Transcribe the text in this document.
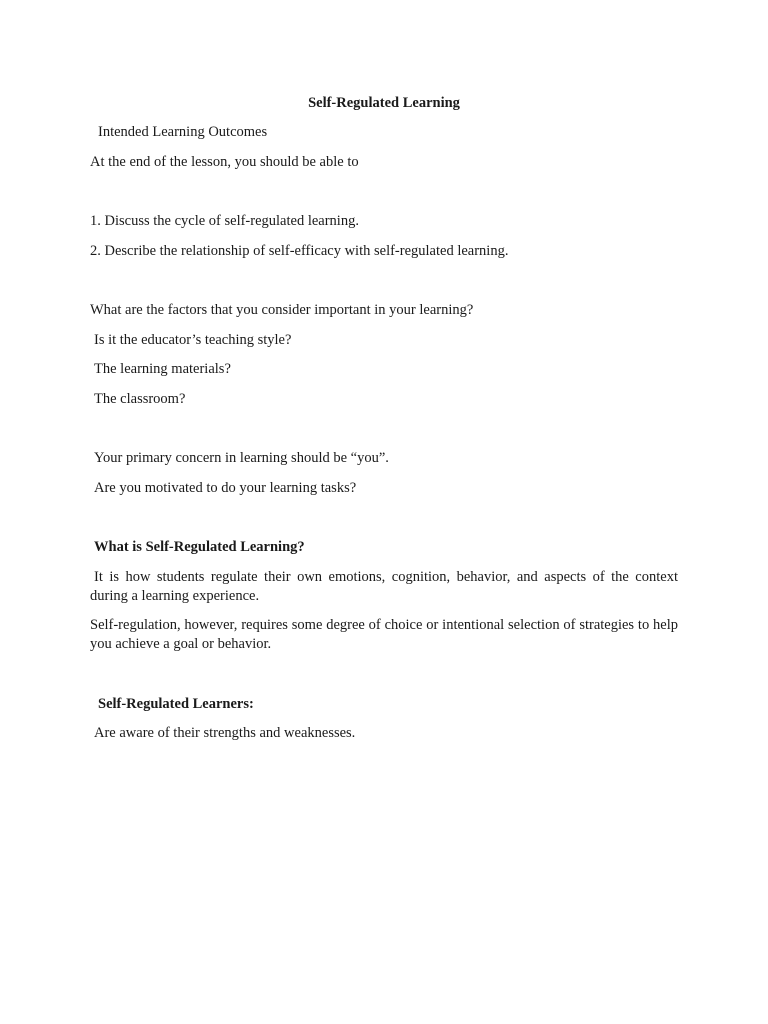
Self-Regulated Learning
Intended Learning Outcomes
At the end of the lesson, you should be able to
1. Discuss the cycle of self-regulated learning.
2. Describe the relationship of self-efficacy with self-regulated learning.
What are the factors that you consider important in your learning?
Is it the educator’s teaching style?
The learning materials?
The classroom?
Your primary concern in learning should be “you”.
Are you motivated to do your learning tasks?
What is Self-Regulated Learning?
It is how students regulate their own emotions, cognition, behavior, and aspects of the context during a learning experience.
Self-regulation, however, requires some degree of choice or intentional selection of strategies to help you achieve a goal or behavior.
Self-Regulated Learners:
Are aware of their strengths and weaknesses.
